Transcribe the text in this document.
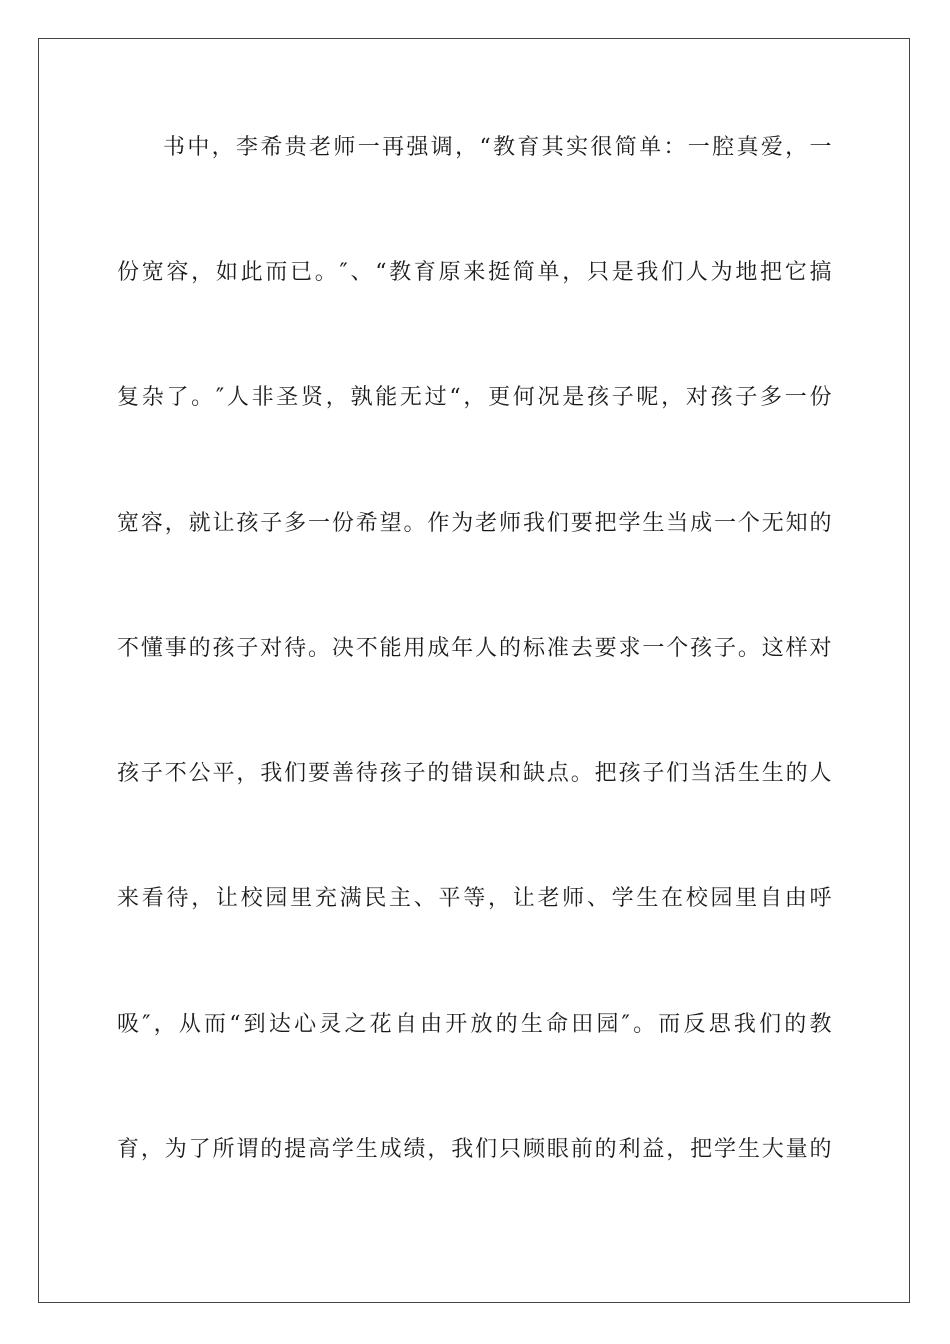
书中，李希贵老师一再强调，“教育其实很简单：一腔真爱，一
份宽容，如此而已。″、“教育原来挺简单，只是我们人为地把它搞
复杂了。″人非圣贤，孰能无过“，更何况是孩子呢，对孩子多一份
宽容，就让孩子多一份希望。作为老师我们要把学生当成一个无知的
不懂事的孩子对待。决不能用成年人的标准去要求一个孩子。这样对
孩子不公平，我们要善待孩子的错误和缺点。把孩子们当活生生的人
来看待，让校园里充满民主、平等，让老师、学生在校园里自由呼
吸″，从而“到达心灵之花自由开放的生命田园″。而反思我们的教
育，为了所谓的提高学生成绩，我们只顾眼前的利益，把学生大量的
